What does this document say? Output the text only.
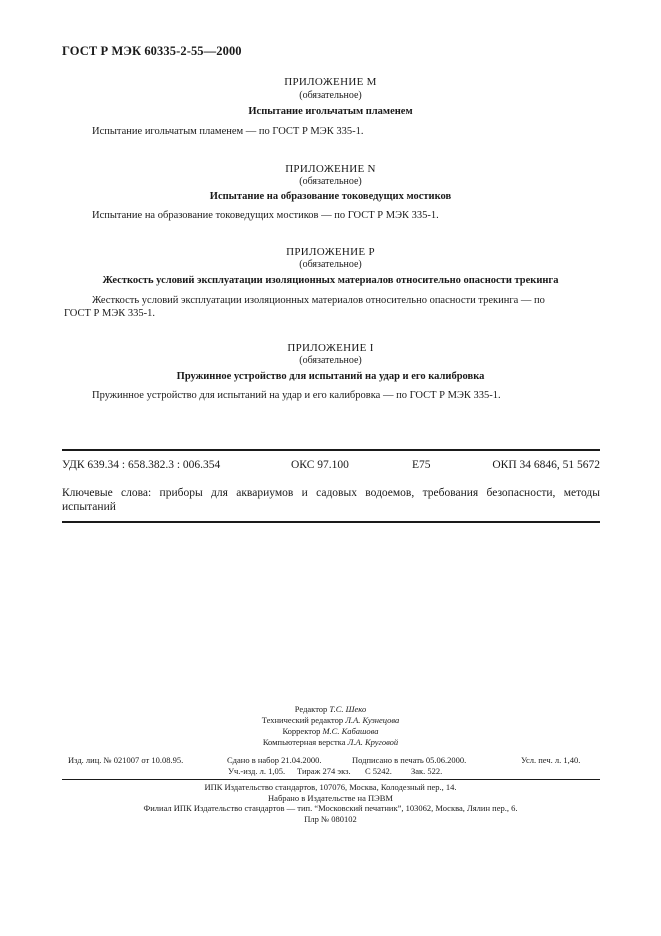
ГОСТ Р МЭК 60335-2-55—2000
ПРИЛОЖЕНИЕ М
(обязательное)
Испытание игольчатым пламенем
Испытание игольчатым пламенем — по ГОСТ Р МЭК 335-1.
ПРИЛОЖЕНИЕ N
(обязательное)
Испытание на образование токоведущих мостиков
Испытание на образование токоведущих мостиков — по ГОСТ Р МЭК 335-1.
ПРИЛОЖЕНИЕ Р
(обязательное)
Жесткость условий эксплуатации изоляционных материалов относительно опасности трекинга
Жесткость условий эксплуатации изоляционных материалов относительно опасности трекинга — по
ГОСТ Р МЭК 335-1.
ПРИЛОЖЕНИЕ I
(обязательное)
Пружинное устройство для испытаний на удар и его калибровка
Пружинное устройство для испытаний на удар и его калибровка — по ГОСТ Р МЭК 335-1.
УДК 639.34 : 658.382.3 : 006.354	ОКС 97.100	Е75	ОКП 34 6846, 51 5672
Ключевые слова: приборы для аквариумов и садовых водоемов, требования безопасности, методы испытаний
Редактор Т.С. Шеко
Технический редактор Л.А. Кузнецова
Корректор М.С. Кабашова
Компьютерная верстка Л.А. Круговой
Изд. лиц. № 021007 от 10.08.95.	Сдано в набор 21.04.2000.	Подписано в печать 05.06.2000.	Усл. печ. л. 1,40.
Уч.-изд. л. 1,05. Тираж 274 экз. С 5242. Зак. 522.
ИПК Издательство стандартов, 107076, Москва, Колодезный пер., 14.
Набрано в Издательстве на ПЭВМ
Филиал ИПК Издательство стандартов — тип. “Московский печатник”, 103062, Москва, Лялин пер., 6.
Плр № 080102
